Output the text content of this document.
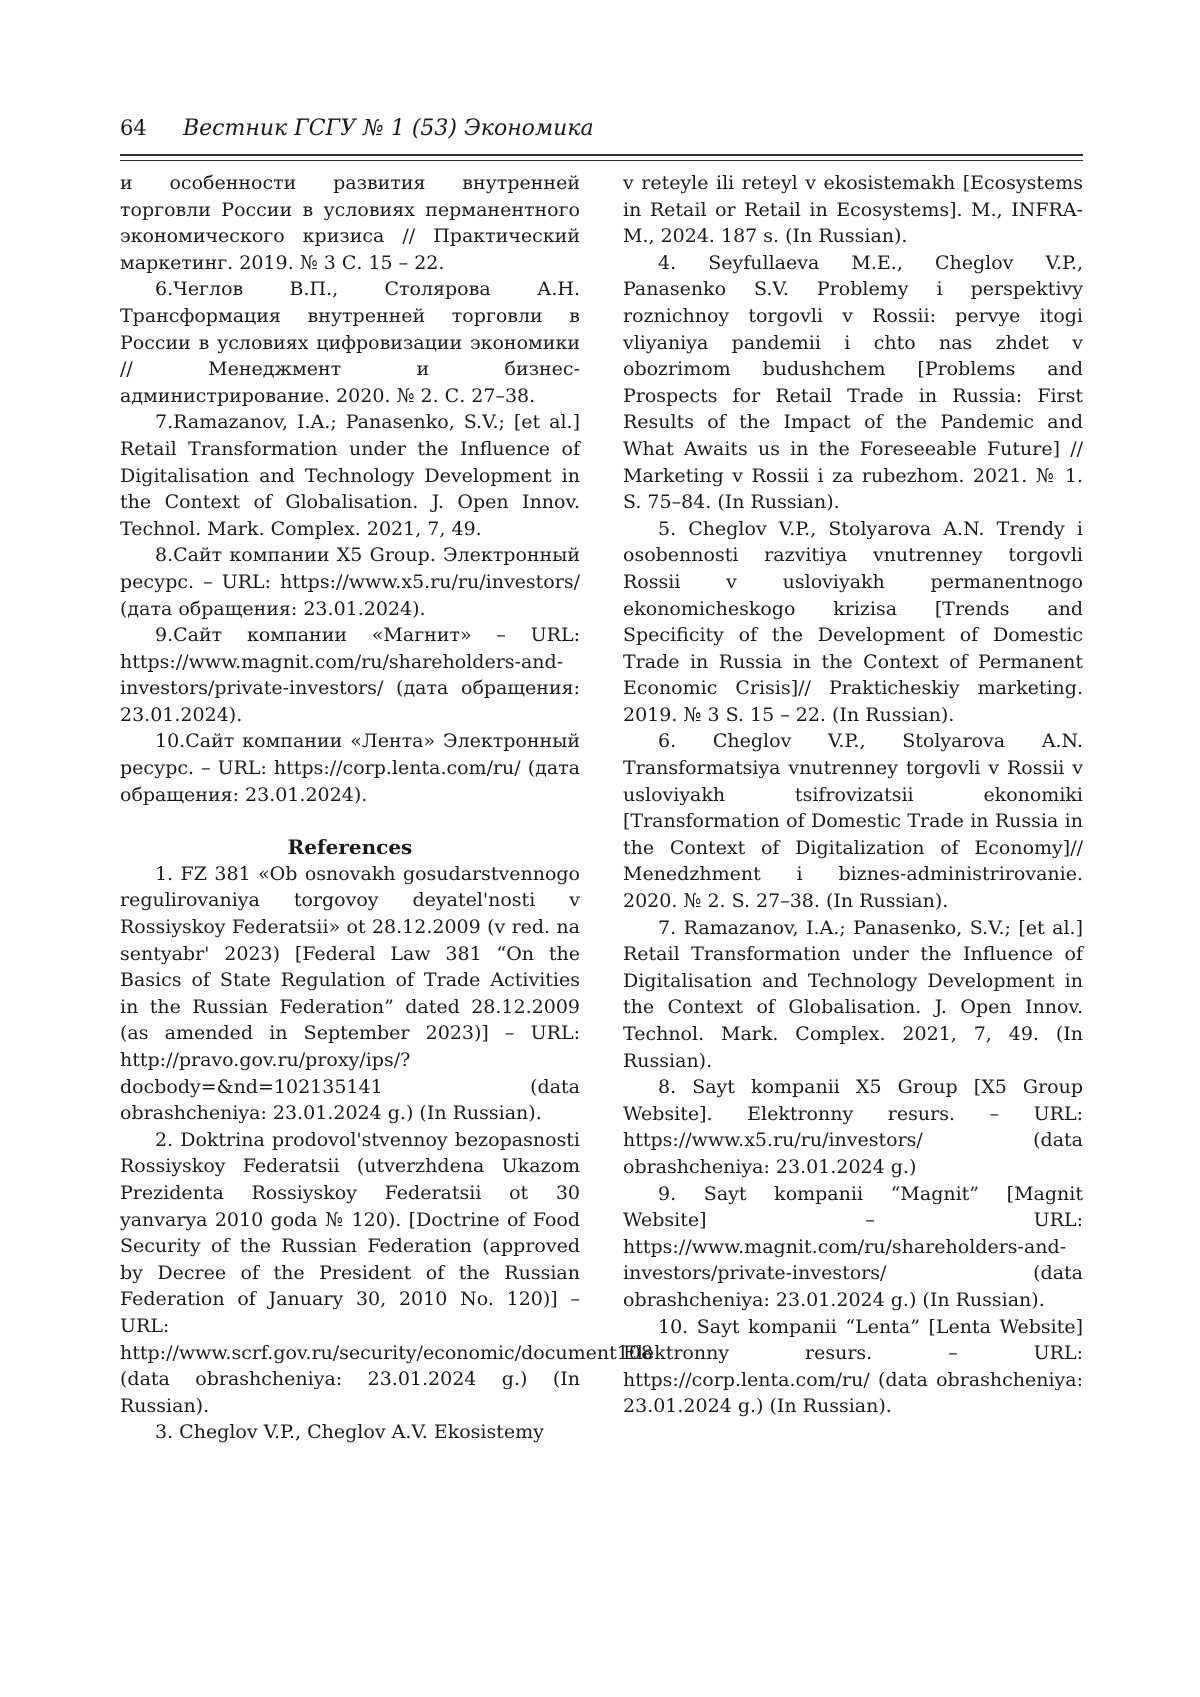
64 Вестник ГСГУ № 1 (53) Экономика

и особенности развития внутренней торговли России в условиях перманентного экономического кризиса // Практический маркетинг. 2019. № 3 С. 15 – 22.

6.Чеглов В.П., Столярова А.Н. Трансформация внутренней торговли в России в условиях цифровизации экономики // Менеджмент и бизнес-администрирование. 2020. № 2. С. 27–38.

7.Ramazanov, I.A.; Panasenko, S.V.; [et al.] Retail Transformation under the Influence of Digitalisation and Technology Development in the Context of Globalisation. J. Open Innov. Technol. Mark. Complex. 2021, 7, 49.

8.Сайт компании X5 Group. Электронный ресурс. – URL: https://www.x5.ru/ru/investors/ (дата обращения: 23.01.2024).

9.Сайт компании «Магнит» – URL: https://www.magnit.com/ru/shareholders-and-investors/private-investors/ (дата обращения: 23.01.2024).

10.Сайт компании «Лента» Электронный ресурс. – URL: https://corp.lenta.com/ru/ (дата обращения: 23.01.2024).

References

1. FZ 381 «Ob osnovakh gosudarstvennogo regulirovaniya torgovoy deyatel'nosti v Rossiyskoy Federatsii» ot 28.12.2009 (v red. na sentyabr' 2023) [Federal Law 381 “On the Basics of State Regulation of Trade Activities in the Russian Federation” dated 28.12.2009 (as amended in September 2023)] – URL: http://pravo.gov.ru/proxy/ips/?docbody=&nd=102135141 (data obrashcheniya: 23.01.2024 g.) (In Russian).

2. Doktrina prodovol'stvennoy bezopasnosti Rossiyskoy Federatsii (utverzhdena Ukazom Prezidenta Rossiyskoy Federatsii ot 30 yanvarya 2010 goda № 120). [Doctrine of Food Security of the Russian Federation (approved by Decree of the President of the Russian Federation of January 30, 2010 No. 120)] – URL: http://www.scrf.gov.ru/security/economic/document108 (data obrashcheniya: 23.01.2024 g.) (In Russian).

3. Cheglov V.P., Cheglov A.V. Ekosistemy

v reteyle ili reteyl v ekosistemakh [Ecosystems in Retail or Retail in Ecosystems]. M., INFRA-M., 2024. 187 s. (In Russian).

4. Seyfullaeva M.E., Cheglov V.P., Panasenko S.V. Problemy i perspektivy roznichnoy torgovli v Rossii: pervye itogi vliyaniya pandemii i chto nas zhdet v obozrimom budushchem [Problems and Prospects for Retail Trade in Russia: First Results of the Impact of the Pandemic and What Awaits us in the Foreseeable Future] // Marketing v Rossii i za rubezhom. 2021. № 1. S. 75–84. (In Russian).

5. Cheglov V.P., Stolyarova A.N. Trendy i osobennosti razvitiya vnutrenney torgovli Rossii v usloviyakh permanentnogo ekonomicheskogo krizisa [Trends and Specificity of the Development of Domestic Trade in Russia in the Context of Permanent Economic Crisis]// Prakticheskiy marketing. 2019. № 3 S. 15 – 22. (In Russian).

6. Cheglov V.P., Stolyarova A.N. Transformatsiya vnutrenney torgovli v Rossii v usloviyakh tsifrovizatsii ekonomiki [Transformation of Domestic Trade in Russia in the Context of Digitalization of Economy]// Menedzhment i biznes-administrirovanie. 2020. № 2. S. 27–38. (In Russian).

7. Ramazanov, I.A.; Panasenko, S.V.; [et al.] Retail Transformation under the Influence of Digitalisation and Technology Development in the Context of Globalisation. J. Open Innov. Technol. Mark. Complex. 2021, 7, 49. (In Russian).

8. Sayt kompanii X5 Group [X5 Group Website]. Elektronny resurs. – URL: https://www.x5.ru/ru/investors/ (data obrashcheniya: 23.01.2024 g.)

9. Sayt kompanii “Magnit” [Magnit Website] – URL: https://www.magnit.com/ru/shareholders-and-investors/private-investors/ (data obrashcheniya: 23.01.2024 g.) (In Russian).

10. Sayt kompanii “Lenta” [Lenta Website] Elektronny resurs. – URL: https://corp.lenta.com/ru/ (data obrashcheniya: 23.01.2024 g.) (In Russian).
